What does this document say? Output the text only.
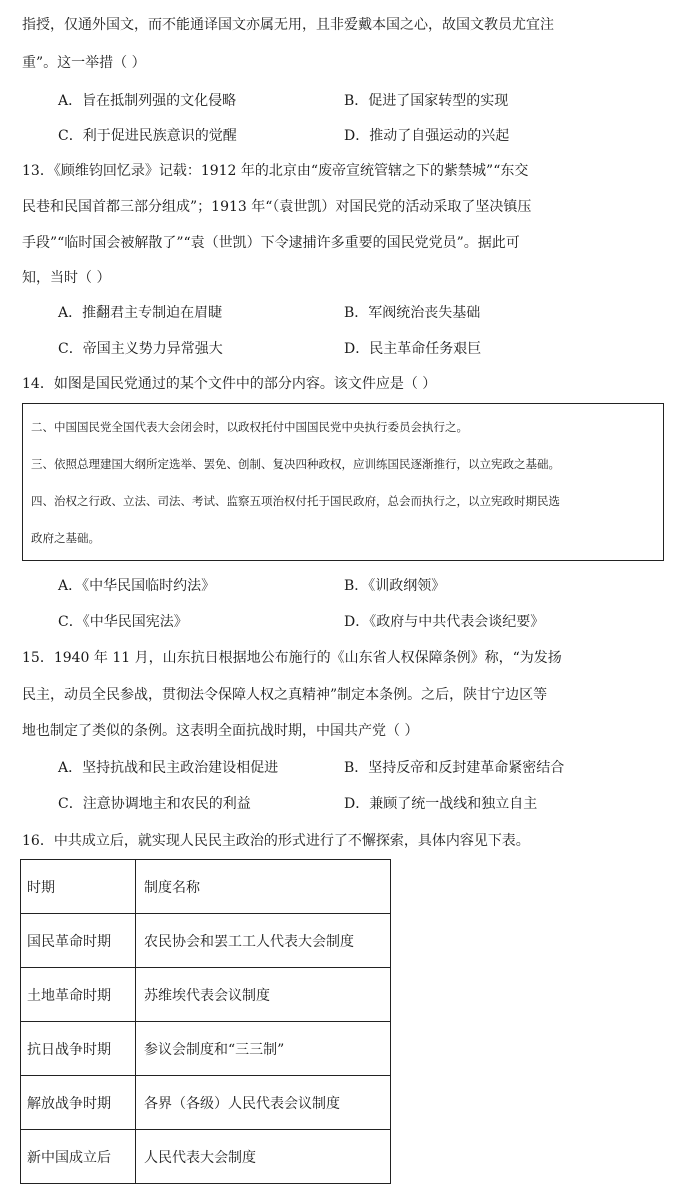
指授，仅通外国文，而不能通译国文亦属无用，且非爱戴本国之心，故国文教员尤宜注
重”。这一举措（ ）
A．旨在抵制列强的文化侵略	B．促进了国家转型的实现
C．利于促进民族意识的觉醒	D．推动了自强运动的兴起
13．《顾维钧回忆录》记载：1912 年的北京由“废帝宣统管辖之下的紫禁城”“东交
民巷和民国首都三部分组成”；1913 年“（袁世凯）对国民党的活动采取了坚决镇压
手段”“临时国会被解散了”“袁（世凯）下令逮捕许多重要的国民党党员”。据此可
知，当时（ ）
A．推翻君主专制迫在眉睫	B．军阀统治丧失基础
C．帝国主义势力异常强大	D．民主革命任务艰巨
14．如图是国民党通过的某个文件中的部分内容。该文件应是（ ）
二、中国国民党全国代表大会闭会时，以政权托付中国国民党中央执行委员会执行之。
三、依照总理建国大纲所定选举、罢免、创制、复决四种政权，应训练国民逐渐推行，以立宪政之基础。
四、治权之行政、立法、司法、考试、监察五项治权付托于国民政府，总会而执行之，以立宪政时期民选
政府之基础。
A．《中华民国临时约法》	B．《训政纲领》
C．《中华民国宪法》	D．《政府与中共代表会谈纪要》
15．1940 年 11 月，山东抗日根据地公布施行的《山东省人权保障条例》称，“为发扬
民主，动员全民参战，贯彻法令保障人权之真精神”制定本条例。之后，陕甘宁边区等
地也制定了类似的条例。这表明全面抗战时期，中国共产党（ ）
A．坚持抗战和民主政治建设相促进	B．坚持反帝和反封建革命紧密结合
C．注意协调地主和农民的利益	D．兼顾了统一战线和独立自主
16．中共成立后，就实现人民民主政治的形式进行了不懈探索，具体内容见下表。
时期	制度名称
国民革命时期	农民协会和罢工工人代表大会制度
土地革命时期	苏维埃代表会议制度
抗日战争时期	参议会制度和“三三制”
解放战争时期	各界（各级）人民代表会议制度
新中国成立后	人民代表大会制度
